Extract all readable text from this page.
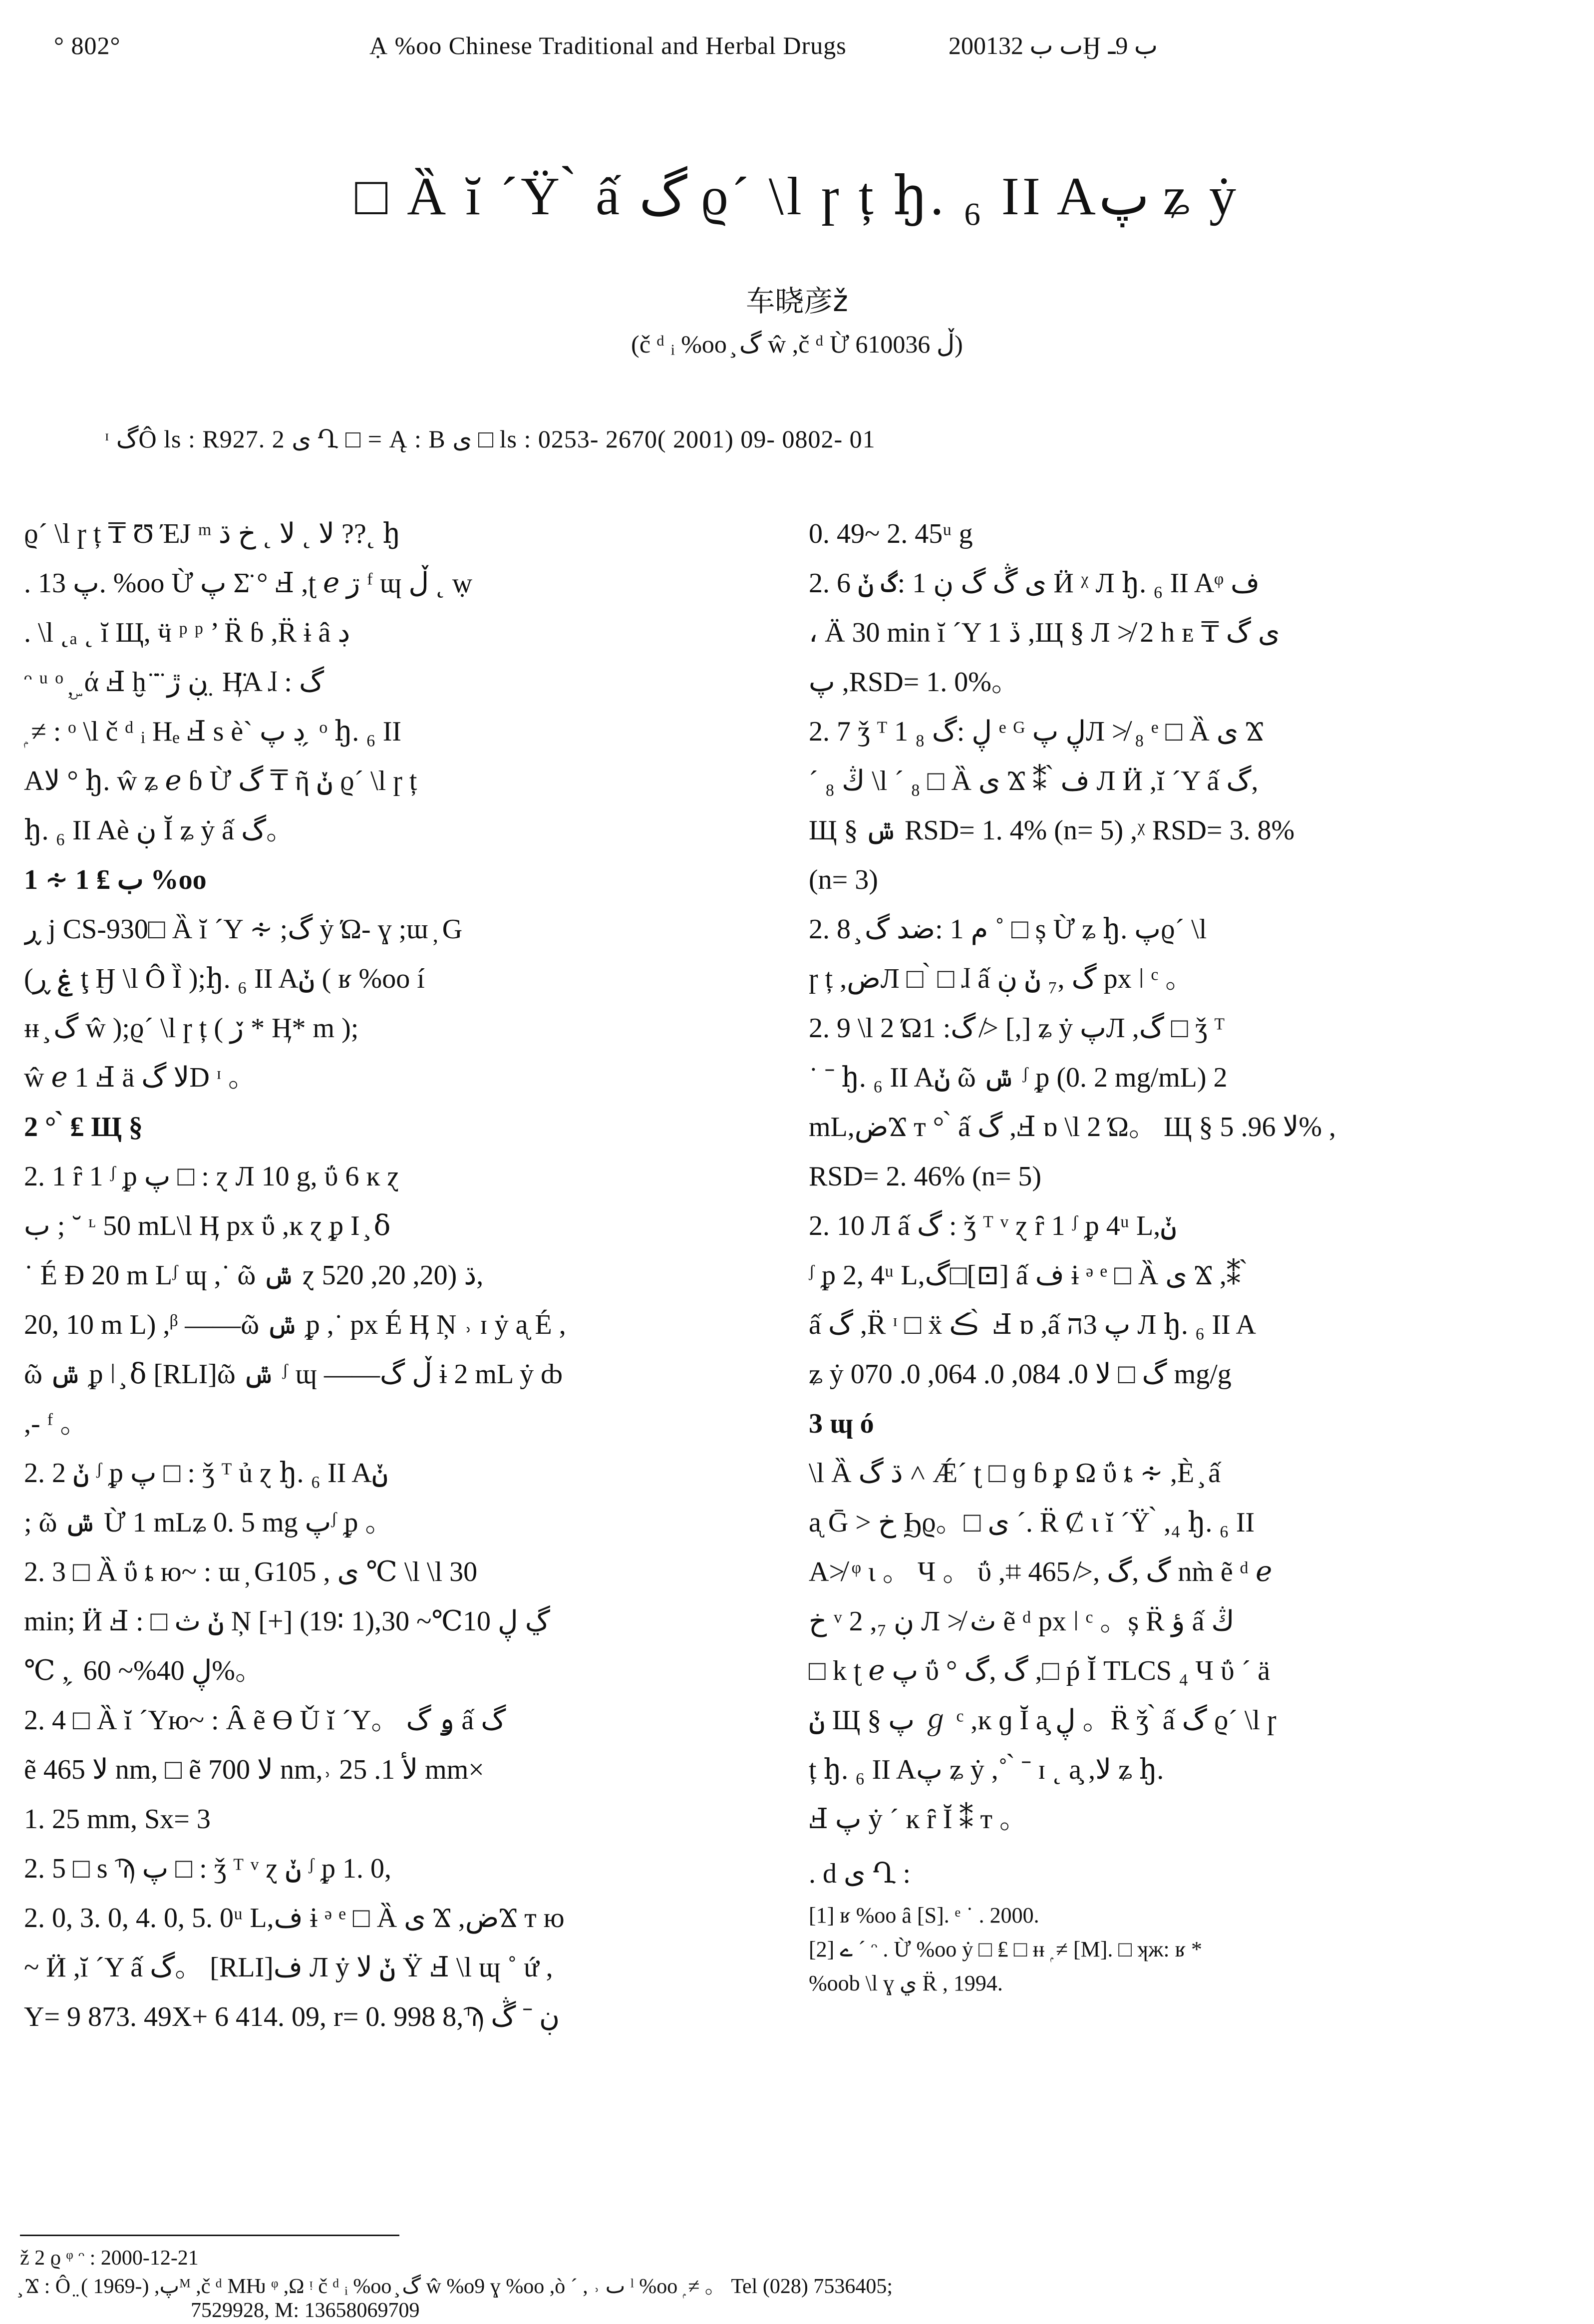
° 802°	Ạ %oo Chinese Traditional and Herbal Drugs	2001ٮ ب 32Ӈ ب 9ـ
□ Ȁ ĭ ´Ÿ ̀ ấ گ ϱ´ \l ɼ ț ꜧ. ₆ II Aپ ʑ ẏ
车晓彦ž
(č ᵈ ᵢ %oo ̧ گ ŵ ,č ᵈ Ừ ڵ 610036)
ᶦ گÔ ls : R927. 2 ى Ղ □ = Ą : B ى □ ls : 0253- 2670( 2001) 09- 0802- 01
ϱ´ \l ɼ ț ₸ Ʊ ΈJ ᵐ ﻻ ˛ ﻻ ˛ خ ڌ ??˛ ꜧ
. پ 13. %oo Ừ پ Σ̈ ° Ⅎ ,ʈ ℯ ڗ ᶠ ɰ ڵ ˛ ẉ
. \l ˛ₐ ˛ ĭ Щ, ӵ ᵖ ᵖ ’ R̈ ɓ ,R̈ ɨ â ڊ
ᵔ ᵘ ᵒ ۣ ̦ ά Ⅎ ḫ ̈ ̈ ڹ ڙ ̤ Ӊ̈A ɺ : گ
ۭ ≠ : ᵒ \l č ᵈ ᵢ Hₑ Ⅎ s è` ڊ پ ̗ ᵒ ꜧ. ₆ II
Aﻻ ° ꜧ. ŵ ʑ ℯ ɓ Ừ گ ₸ ῆ ݩ ϱ´ \l ɼ ț
ꜧ. ₆ II Aè ڹ Ῐ ʑ ẏ ấ گ。
1 ∻ ب ₤ 1 %oo
ڕ j CS-930□ Ȁ ĭ ´Y ∻ ;گ ẏ Ώ- ɣ ;ɯ ̦ G
(ۼ ڕ ţ Ӈ \l Ô Ȉ );ꜧ. ₆ II Aݩ ( ʁ %oo í
ᵻᵻ ̧ گ ŵ );ϱ´ \l ɼ ț ( ڒ * Ӊ* m );
ŵ ℯ 1 Ⅎ ä ﻻ گD ᶦ 。
2 ° ̀ ₤ Щ §
2. 1 ȓ 1 ᶴ ᵱ پ □ : ɀ Л 10 g, ΰ 6 ĸ ɀ
ب ; ˘ ᶫ 50 mL\l Ӊ px ΰ ,ĸ ɀ ᵱ Ι ̧ ẟ
˙ É Ð 20 m Lᶴ ɰ ,˙ ῶ ݜ ɀ 5ڌ (20, 20, 20,
20, 10 m L) ,ᵝ ——ῶ ݜ ᵱ ,˙ px É Ӊ Ņ ˒ ɪ ẏ ᶏ É ,
ῶ ݜ ᵱ ǀ ̧ ẟ [RLI]ῶ ݜ ᶴ ɰ ——ڵ گ ɨ 2 mL ẏ ȸ
,- ᶠ 。
2. 2 ݩ ᶴ ᵱ پ □ : ǯ ᵀ ủ ɀ ꜧ. ₆ II Aݩ
; ῶ ݜ Ừ 1 mLʑ 0. 5 mg پᶴ ᵱ 。
2. 3 □ Ȁ ΰ ȶ ю~ : ɯ ̦ Gى , 105 ℃ \l \l 30
min; Ӥ Ⅎ : □ ݩ ث Ņ [+] (19∶ 1),ڲ ڸ 10℃~ 30
℃ , ̗ ڸ 40%~ 60%。
2. 4 □ Ȁ ĭ ´Yю~ : Ȃ ẽ ϴ Ǔ ĭ ´Y。 ۅ گ ấ گ
ẽ ﻻ 465 nm, □ ẽ ﻻ 700 nm,˒ ﻷ 1. 25 mm×
1. 25 mm, Sx= 3
2. 5 □ s Ϡ پ □ : ǯ ᵀ ᵛ ɀ ݩ ᶴ ᵱ 1. 0,
2. 0, 3. 0, 4. 0, 5. 0ᵘ L,ف ɨ ᵊ ᵉ □ Ȁ ى Ϫ ,ضϪ ᴛ ю
~ Ӥ ,ĭ ´Y ấ گ。 [RLI]ف Л ẏ ݩ ﻻ Ÿ Ⅎ \l ɰ ˚ ứ ,
Y= 9 873. 49X+ 6 414. 09, r= 0. 998 8,Ϡ ڹ ˉ ڴ
0. 49~ 2. 45ᵘ g
2. 6 ى ڴ گ ڹ 1 :گ ݩ Ӥ ᵡ Л ꜧ. ₆ II Aᵠ ف
، Ä 30 min ĭ ´Y 1 ڏ ,Щ § Л ≯ 2 h ᴇ ₸ ى گ
پ ,RSD= 1. 0%。
2. 7 ǯ ᵀ 1 ڸ :گ ₈ ᵉ ᴳ ڸ پЛ ≯ ₈ ᵉ □ Ȁ ى Ϫ
´ ₈ ڭ \l ´ ₈ □ Ȁ ى Ϫ ⁑ ̀ ف Л Ӥ ,ĭ ´Y ấ گ,
Щ § ݜ RSD= 1. 4% (n= 5) ,ᵡ RSD= 3. 8%
(n= 3)
2. 8 ̧ م 1 :ضد گ ˚ □ ș Ừ ʑ ꜧ. پϱ´ \l
ɼ ț ,ضЛ □ ̀ □ ɺ ấ گ ,₇ ݩ ڹ px ǀ ᶜ 。
2. 9 \l 2 Ώ1 :گ ≯ [,] ʑ ẏ پЛ ,گ □ ǯ ᵀ
˙ ˉ ꜧ. ₆ II Aݩ ῶ ݜ ᶴ ᵱ (0. 2 mg/mL) 2
mL,ضϪ ᴛ ° ̀ ấ گ ,Ⅎ ɒ \l 2 Ώ。 Щ § ﻻ 96. 5% ,
RSD= 2. 46% (n= 5)
2. 10 Л ấ گ : ǯ ᵀ ᵛ ɀ ȓ 1 ᶴ ᵱ 4ᵘ L,ݩ
ᶴ ᵱ 2, 4ᵘ L,گ□[⊡] ấ ف ɨ ᵊ ᵉ □ Ȁ ى Ϫ ,⁑ ̀
ấ گ ,R̈ ᶦ □ ẍ ڪ ̀ Ⅎ ɒ ,ấ پ 3ה Л ꜧ. ₆ II A
ʑ ẏ گ □ ﻻ 0. 084, 0. 064, 0. 070 mg/g
3 ɰ ó
\l Ȁ ڌ گ ˄ Ǽ´ ʈ □ ɡ ɓ ᵱ Ω ΰ ȶ ∻ ,È ̧ ấ
ᶏ Ḡ > خ Ϧϱ。□ ى ´. R̈ Ȼ ɩ ĭ ´Ÿ ̀ ,₄ ꜧ. ₆ II
A≯ ᵠ ɩ 。 Ч 。 ΰ ,⌗ گ ,گ ,≯ 465 nm̀ ẽ ᵈ ℯ
خ ᵛ 2 ,₇ ڹ Л ≯ ث ẽ ᵈ px ǀ ᶜ 。ș R̈ ؤ ấ ڭ
□ k ʈ ℯ پ ΰ ° گ ,گ ,□ ṕ Ῐ TLCS ₄ Ч ΰ ´ ä
ݩ Щ § پ ℊ ᶜ ,ĸ ɡ Ῐ a̧ ڸ 。R̈ ǯ ̀ ấ گ ϱ´ \l ɼ
ț ꜧ. ₆ II Aپ ʑ ẏ ,˚ ̀ ˉ ɪ ˛ a̧ ,ﻻ ʑ ꜧ.
Ⅎ پ ẏ ´ ĸ ȓ Ῐ ⁑ ᴛ 。
. ԁ ى Ղ :
[1] ʁ %oo ȃ [S]. ᵉ ˙ . 2000.
[2] ے ´ ᵔ . Ừ %oo ẏ □ ₤ □ ᵻᵻ ۭ ≠ [M]. □ ʞж: ʁ *
%oob \l ɣ ي R̈ , 1994.
ž 2 ϱ ᵠ ᵔ : 2000-12-21
̧ Ϫ : Ô ̤ ( 1969-) ,پᴹ ,č ᵈ MǶ ᵠ ,Ω ᵎ č ᵈ ᵢ %oo ̧ گ ŵ %o9 ɣ %oo ,ò ˊ , ˒ ٮ ˡ %oo ۭ ≠ 。 Tel (028) 7536405;
7529928, M: 13658069709
